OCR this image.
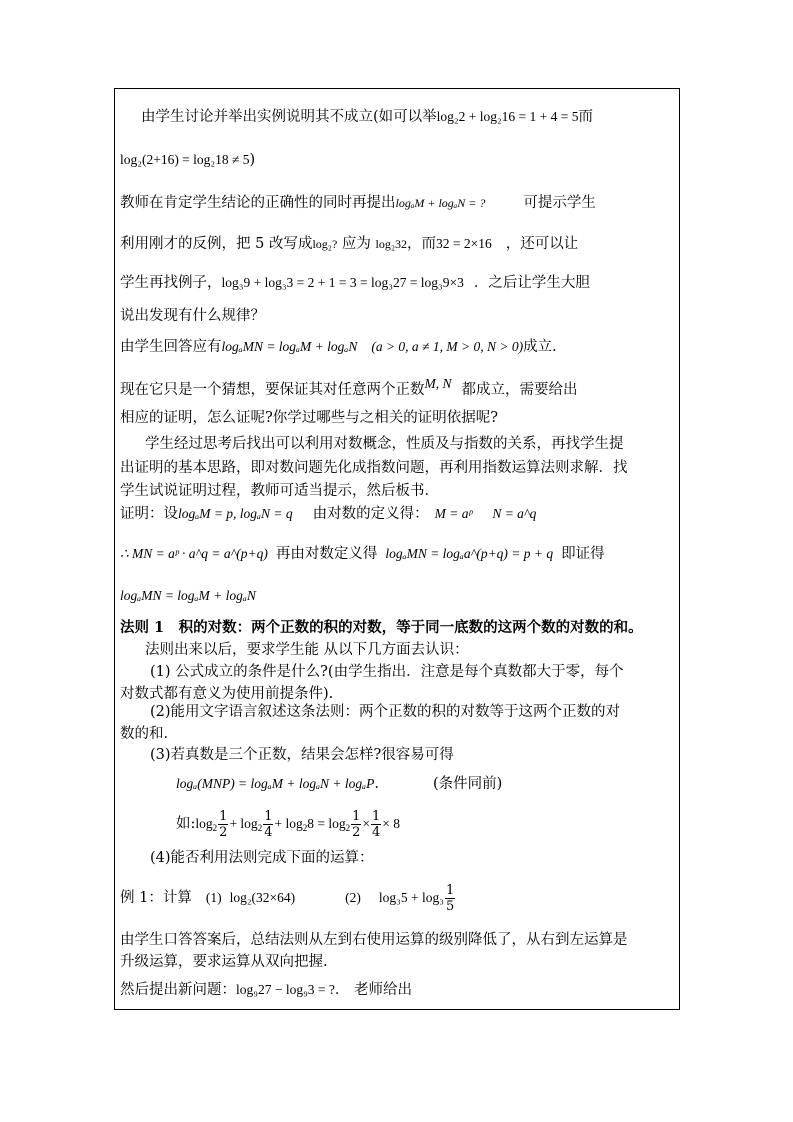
由学生讨论并举出实例说明其不成立(如可以举log₂2 + log₂16 = 1 + 4 = 5而
log₂(2+16) = log₂18 ≠ 5)
教师在肯定学生结论的正确性的同时再提出logₐM + logₐN = ?	可提示学生
利用刚才的反例，把 5 改写成log₂? 应为 log₂32，而32 = 2×16 ，还可以让
学生再找例子，log₃9 + log₃3 = 2 + 1 = 3 = log₃27 = log₃9×3 ．之后让学生大胆
说出发现有什么规律？
由学生回答应有logₐMN = logₐM + logₐN (a > 0, a ≠ 1, M > 0, N > 0)成立.
现在它只是一个猜想，要保证其对任意两个正数M, N 都成立，需要给出
相应的证明，怎么证呢?你学过哪些与之相关的证明依据呢?
学生经过思考后找出可以利用对数概念，性质及与指数的关系，再找学生提
出证明的基本思路，即对数问题先化成指数问题，再利用指数运算法则求解．找
学生试说证明过程，教师可适当提示，然后板书．
证明：设logₐM = p, logₐN = q 由对数的定义得： M = aᵖ N = a^q
∴ MN = aᵖ · a^q = a^(p+q) 再由对数定义得 logₐMN = logₐa^(p+q) = p + q 即证得
logₐMN = logₐM + logₐN
法则 1　积的对数：两个正数的积的对数，等于同一底数的这两个数的对数的和。
法则出来以后，要求学生能 从以下几方面去认识：
(1) 公式成立的条件是什么?(由学生指出．注意是每个真数都大于零，每个
对数式都有意义为使用前提条件).
(2)能用文字语言叙述这条法则：两个正数的积的对数等于这两个正数的对
数的和．
(3)若真数是三个正数，结果会怎样?很容易可得
logₐ(MNP) = logₐM + logₐN + logₐP.	(条件同前)
如$:\log_2 \frac{1}{2} + \log_2 \frac{1}{4} + \log_28 = \log_2 \frac{1}{2} \times \frac{1}{4} \times 8$
(4)能否利用法则完成下面的运算：
例 1：计算 (1) log₂(32×64)	(2) $\log_35 + \log_3 \frac{1}{5}$
由学生口答答案后，总结法则从左到右使用运算的级别降低了，从右到左运算是
升级运算，要求运算从双向把握.
然后提出新问题：log₉27 − log₉3 = ?． 老师给出
